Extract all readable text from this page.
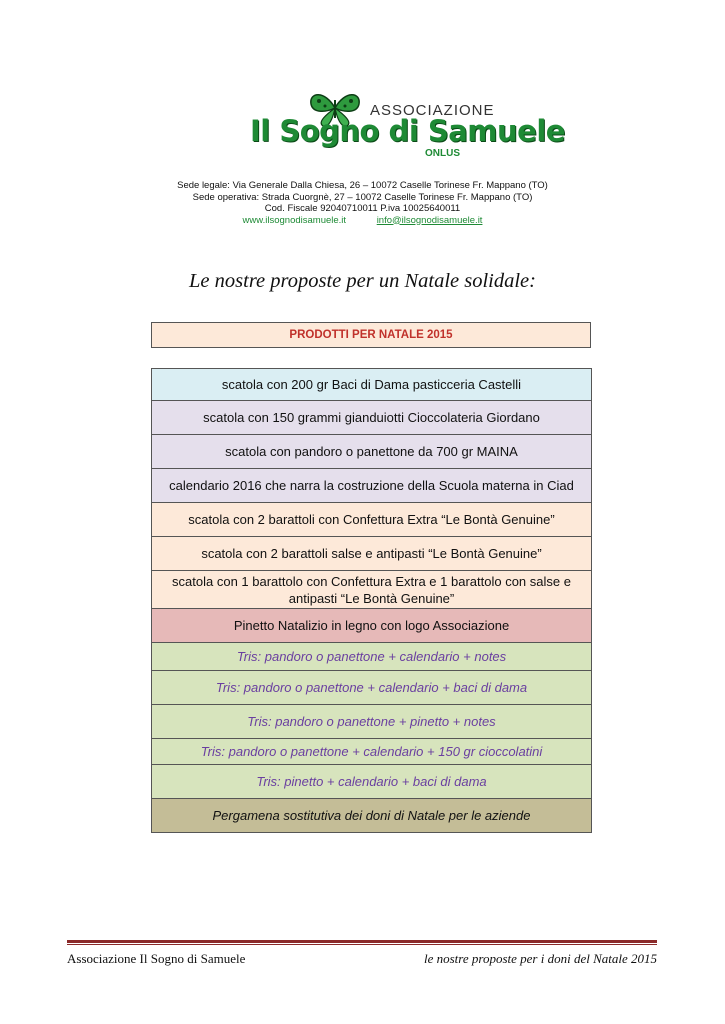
ASSOCIAZIONE
Il Sogno di Samuele
ONLUS
Sede legale: Via Generale Dalla Chiesa, 26 – 10072 Caselle Torinese Fr. Mappano (TO)
Sede operativa: Strada Cuorgnè, 27 – 10072 Caselle Torinese Fr. Mappano (TO)
Cod. Fiscale 92040710011 P.iva 10025640011
www.ilsognodisamuele.it	info@ilsognodisamuele.it
Le nostre proposte per un Natale solidale:
PRODOTTI PER NATALE 2015
scatola con 200 gr Baci di Dama pasticceria Castelli
scatola con 150 grammi gianduiotti Cioccolateria Giordano
scatola con pandoro o panettone da 700 gr MAINA
calendario 2016 che narra la costruzione della Scuola materna in Ciad
scatola con 2 barattoli con Confettura Extra “Le Bontà Genuine”
scatola con 2 barattoli salse e antipasti “Le Bontà Genuine”
scatola con 1 barattolo con Confettura Extra e 1 barattolo con salse e antipasti “Le Bontà Genuine”
Pinetto Natalizio in legno con logo Associazione
Tris: pandoro o panettone + calendario + notes
Tris: pandoro o panettone + calendario + baci di dama
Tris: pandoro o panettone + pinetto + notes
Tris: pandoro o panettone + calendario + 150 gr cioccolatini
Tris: pinetto + calendario + baci di dama
Pergamena sostitutiva dei doni di Natale per le aziende
Associazione Il Sogno di Samuele	le nostre proposte per i doni del Natale 2015
